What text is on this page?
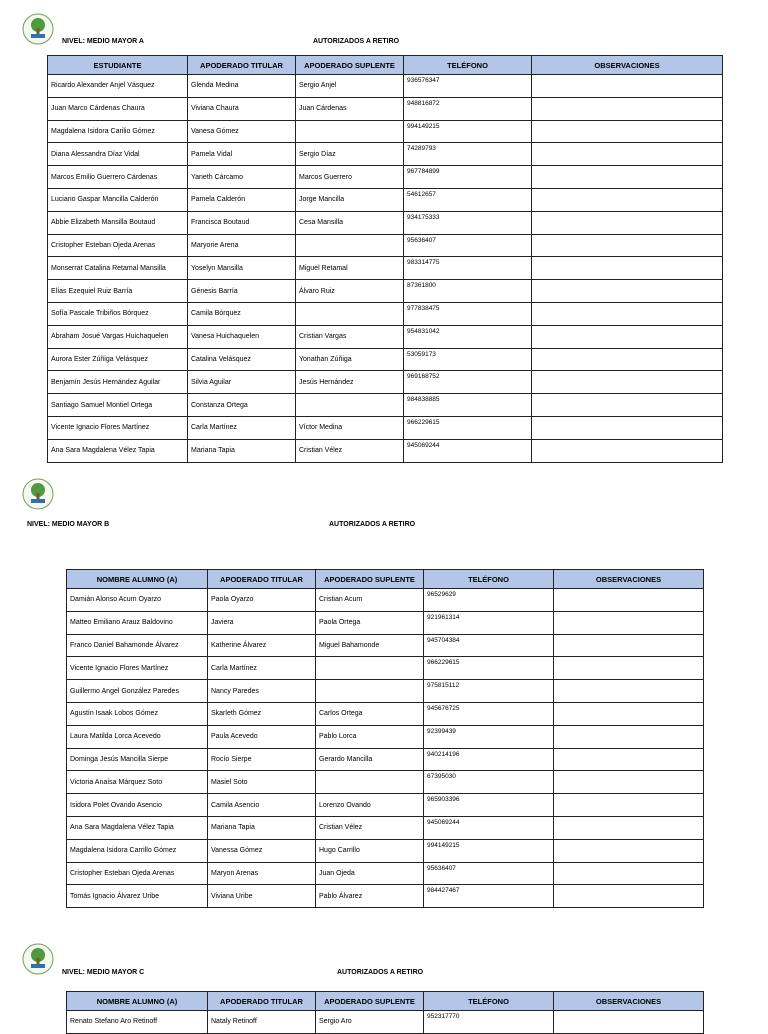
NIVEL: MEDIO MAYOR A	AUTORIZADOS A RETIRO
ESTUDIANTE	APODERADO TITULAR	APODERADO SUPLENTE	TELÉFONO	OBSERVACIONES
Ricardo Alexander Anjel Vásquez	Glenda Medina	Sergio Anjel	936576347	
Juan Marco Cárdenas Chaura	Viviana Chaura	Juan Cárdenas	948816872	
Magdalena Isidora Carilio Gómez	Vanesa Gómez		994149215	
Diana Alessandra Díaz Vidal	Pamela Vidal	Sergio Díaz	74289793	
Marcos Emilio Guerrero Cárdenas	Yaneth Cárcamo	Marcos Guerrero	967784899	
Luciano Gaspar Mancilla Calderón	Pamela Calderón	Jorge Mancilla	54612657	
Abbie Elizabeth Mansilla Boutaud	Francisca Boutaud	Cesa Mansilla	934175333	
Cristopher Esteban Ojeda Arenas	Maryorie Arena		95636407	
Monserrat Catalina Retamal Mansilla	Yoselyn Mansilla	Miguel Retamal	983314775	
Elías Ezequiel Ruiz Barría	Génesis Barría	Álvaro Ruiz	87361800	
Sofía Pascale Tribiños Bórquez	Camila Bórquez		977838475	
Abraham Josué Vargas Huichaquelen	Vanesa Huichaquelen	Cristian Vargas	954831042	
Aurora Ester Zúñiga Velásquez	Catalina Velásquez	Yonathan Zúñiga	53059173	
Benjamín Jesús Hernández Aguilar	Silvia Aguilar	Jesús Hernández	969168752	
Santiago Samuel Montiel Ortega	Constanza Ortega		984838885	
Vicente Ignacio Flores Martínez	Carla Martínez	Víctor Medina	966229615	
Ana Sara Magdalena Vélez Tapia	Mariana Tapia	Cristian Vélez	945069244	
NIVEL: MEDIO MAYOR B	AUTORIZADOS A RETIRO
NOMBRE ALUMNO (A)	APODERADO TITULAR	APODERADO SUPLENTE	TELÉFONO	OBSERVACIONES
Damián Alonso Acum Oyarzo	Paola Oyarzo	Cristian Acum	96529629	
Matteo Emiliano Arauz Baldovino	Javiera	Paola Ortega	921961314	
Franco Daniel Bahamonde Álvarez	Katherine Álvarez	Miguel Bahamonde	945704384	
Vicente Ignacio Flores Martínez	Carla Martínez		966229615	
Guillermo Angel González Paredes	Nancy Paredes		975815112	
Agustín Isaak Lobos Gómez	Skarleth Gómez	Carlos Ortega	945676725	
Laura Matilda Lorca Acevedo	Paula Acevedo	Pablo Lorca	92399439	
Dominga Jesús Mancilla Sierpe	Rocío Sierpe	Gerardo Mancilla	940214196	
Victoria Anaísa Márquez Soto	Masiel Soto		67395030	
Isidora Polet Ovando Asencio	Camila Asencio	Lorenzo Ovando	965903396	
Ana Sara Magdalena Vélez Tapia	Mariana Tapia	Cristian Vélez	945069244	
Magdalena Isidora Carrillo Gómez	Vanessa Gómez	Hugo Carrillo	994149215	
Cristopher Esteban Ojeda Arenas	Maryon Arenas	Juan Ojeda	95636407	
Tomás Ignacio Álvarez Uribe	Viviana Uribe	Pablo Álvarez	984427467	
NIVEL: MEDIO MAYOR C	AUTORIZADOS A RETIRO
NOMBRE ALUMNO (A)	APODERADO TITULAR	APODERADO SUPLENTE	TELÉFONO	OBSERVACIONES
Renato Stefano Aro Retinoff	Nataly Retinoff	Sergio Aro	952317770	
